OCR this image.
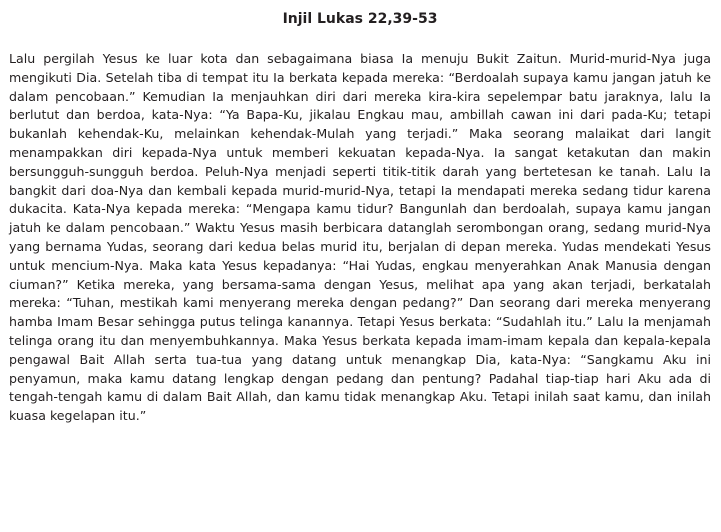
Injil Lukas 22,39-53

Lalu pergilah Yesus ke luar kota dan sebagaimana biasa Ia menuju Bukit Zaitun. Murid-murid-Nya juga mengikuti Dia. Setelah tiba di tempat itu Ia berkata kepada mereka: “Berdoalah supaya kamu jangan jatuh ke dalam pencobaan.” Kemudian Ia menjauhkan diri dari mereka kira-kira sepelempar batu jaraknya, lalu Ia berlutut dan berdoa, kata-Nya: “Ya Bapa-Ku, jikalau Engkau mau, ambillah cawan ini dari pada-Ku; tetapi bukanlah kehendak-Ku, melainkan kehendak-Mulah yang terjadi.” Maka seorang malaikat dari langit menampakkan diri kepada-Nya untuk memberi kekuatan kepada-Nya. Ia sangat ketakutan dan makin bersungguh-sungguh berdoa. Peluh-Nya menjadi seperti titik-titik darah yang bertetesan ke tanah. Lalu Ia bangkit dari doa-Nya dan kembali kepada murid-murid-Nya, tetapi Ia mendapati mereka sedang tidur karena dukacita. Kata-Nya kepada mereka: “Mengapa kamu tidur? Bangunlah dan berdoalah, supaya kamu jangan jatuh ke dalam pencobaan.” Waktu Yesus masih berbicara datanglah serombongan orang, sedang murid-Nya yang bernama Yudas, seorang dari kedua belas murid itu, berjalan di depan mereka. Yudas mendekati Yesus untuk mencium-Nya. Maka kata Yesus kepadanya: “Hai Yudas, engkau menyerahkan Anak Manusia dengan ciuman?” Ketika mereka, yang bersama-sama dengan Yesus, melihat apa yang akan terjadi, berkatalah mereka: “Tuhan, mestikah kami menyerang mereka dengan pedang?” Dan seorang dari mereka menyerang hamba Imam Besar sehingga putus telinga kanannya. Tetapi Yesus berkata: “Sudahlah itu.” Lalu Ia menjamah telinga orang itu dan menyembuhkannya. Maka Yesus berkata kepada imam-imam kepala dan kepala-kepala pengawal Bait Allah serta tua-tua yang datang untuk menangkap Dia, kata-Nya: “Sangkamu Aku ini penyamun, maka kamu datang lengkap dengan pedang dan pentung? Padahal tiap-tiap hari Aku ada di tengah-tengah kamu di dalam Bait Allah, dan kamu tidak menangkap Aku. Tetapi inilah saat kamu, dan inilah kuasa kegelapan itu.”
